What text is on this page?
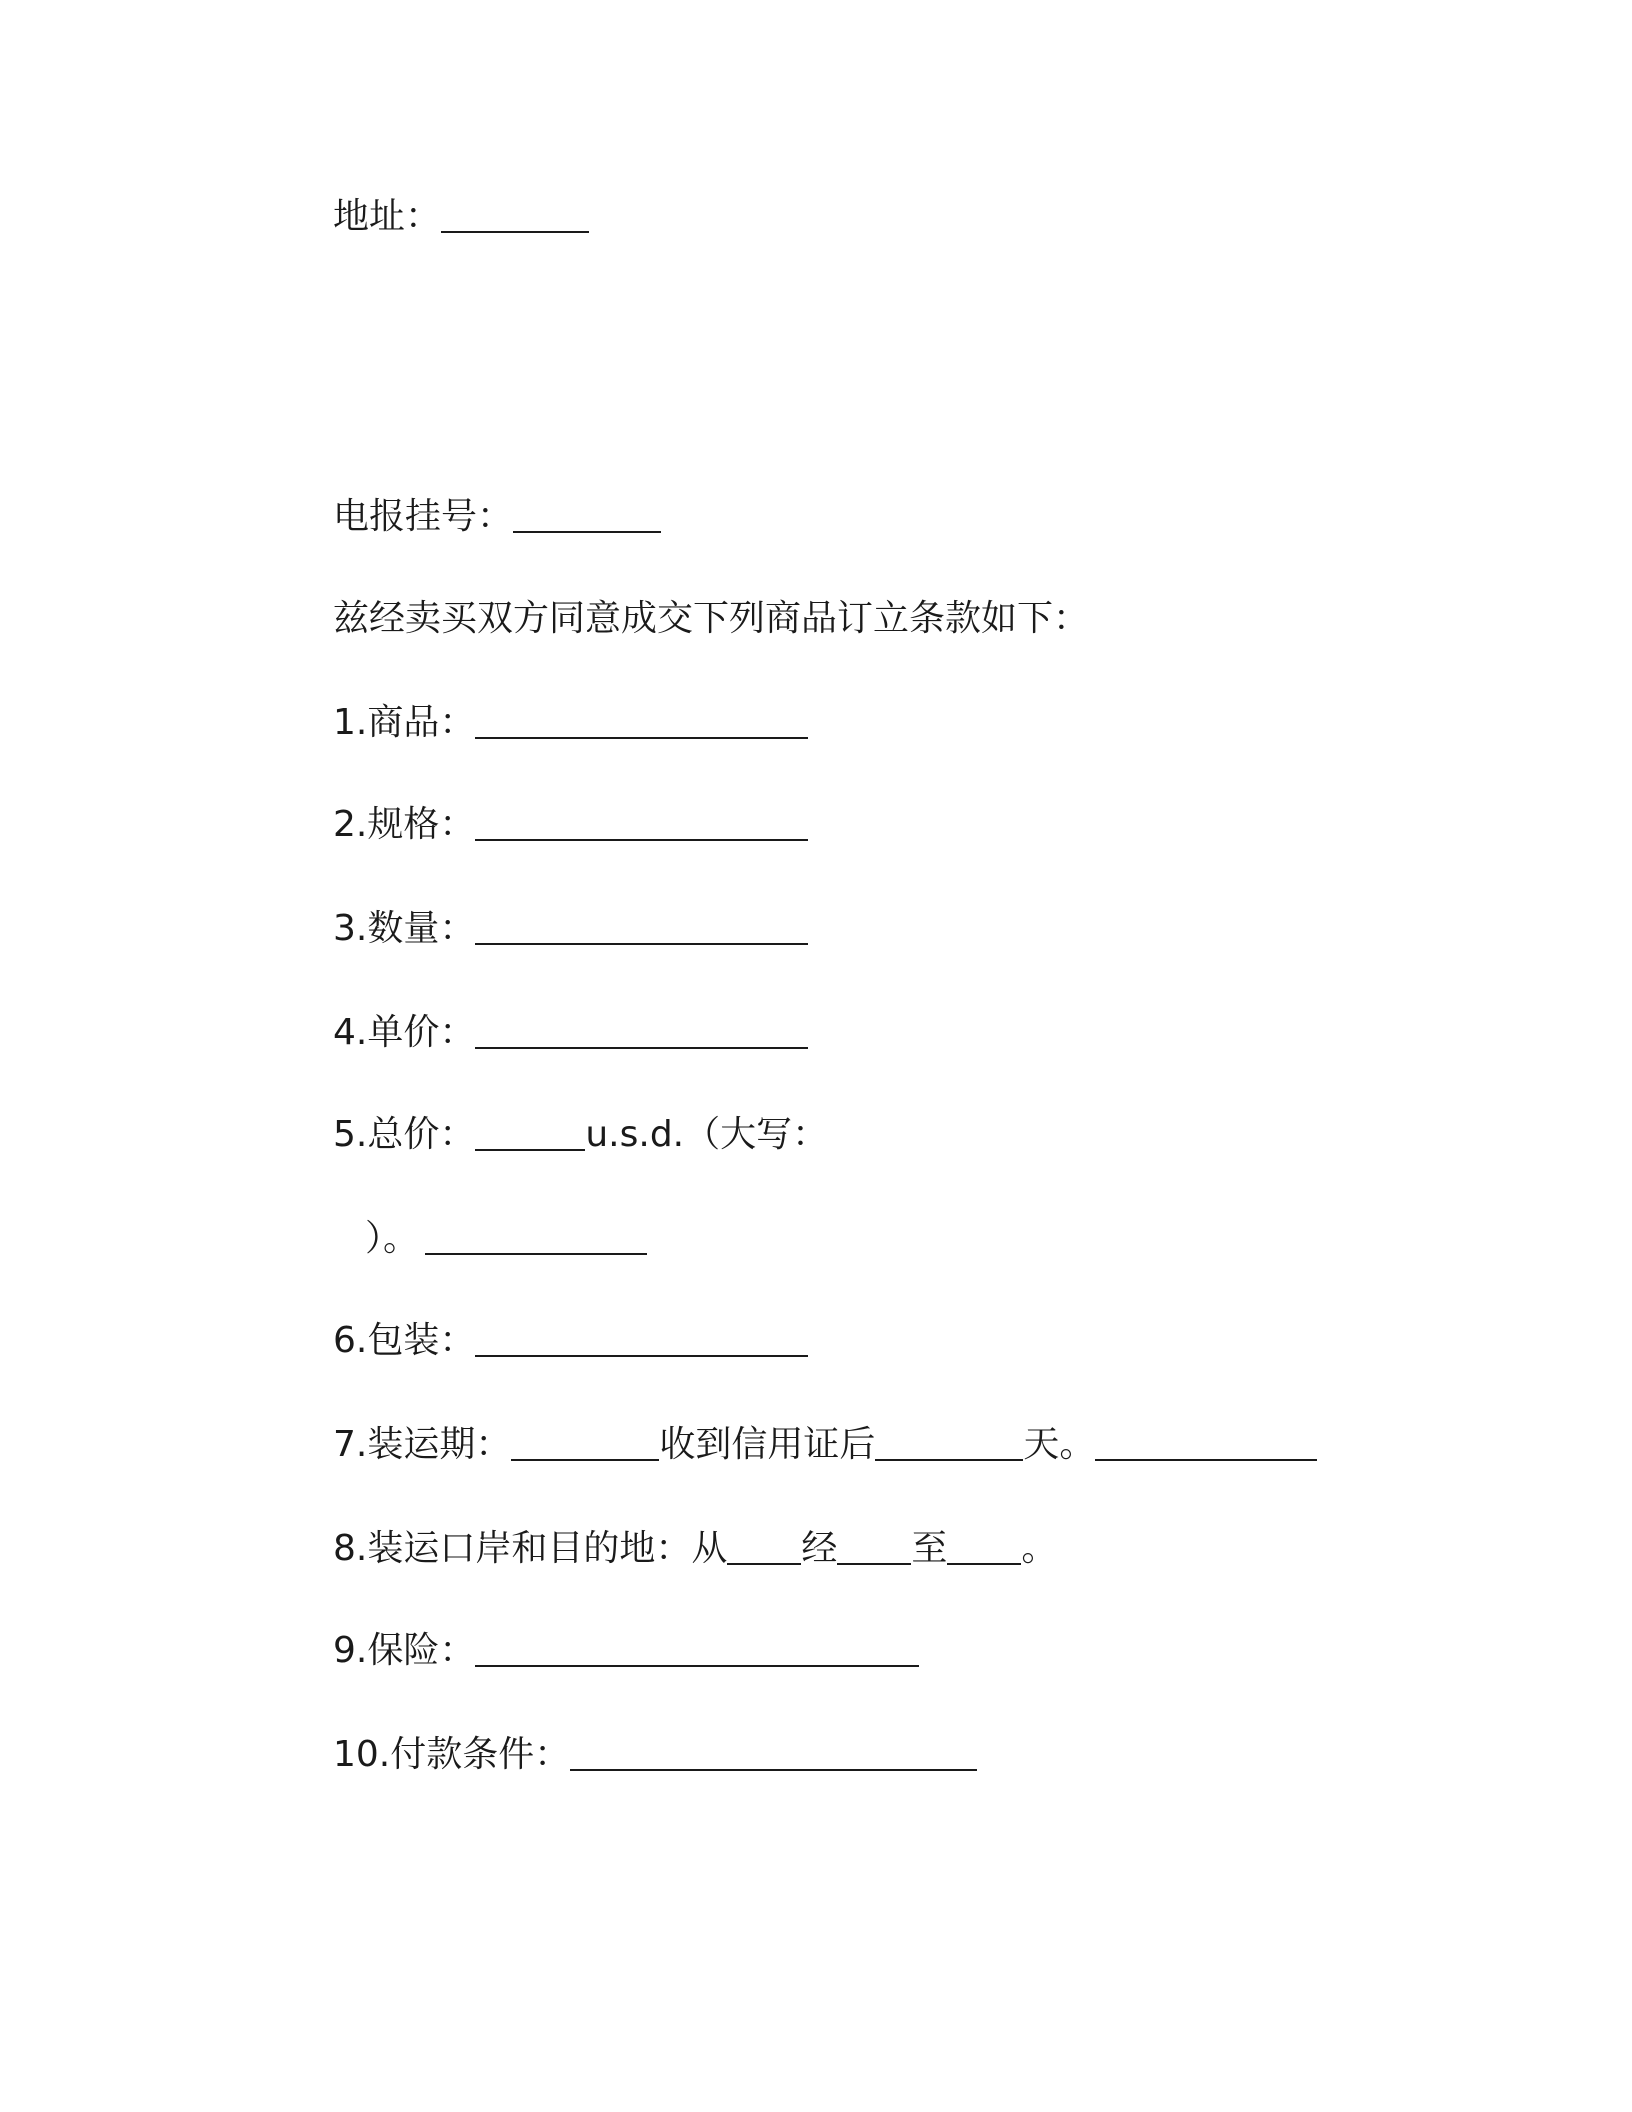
地址：
电报挂号：
兹经卖买双方同意成交下列商品订立条款如下：
1.商品：
2.规格：
3.数量：
4.单价：
5.总价：	u.s.d.（大写：
）。
6.包装：
7.装运期：	收到信用证后	天。
8.装运口岸和目的地：从 经 至 。
9.保险：
10.付款条件：
